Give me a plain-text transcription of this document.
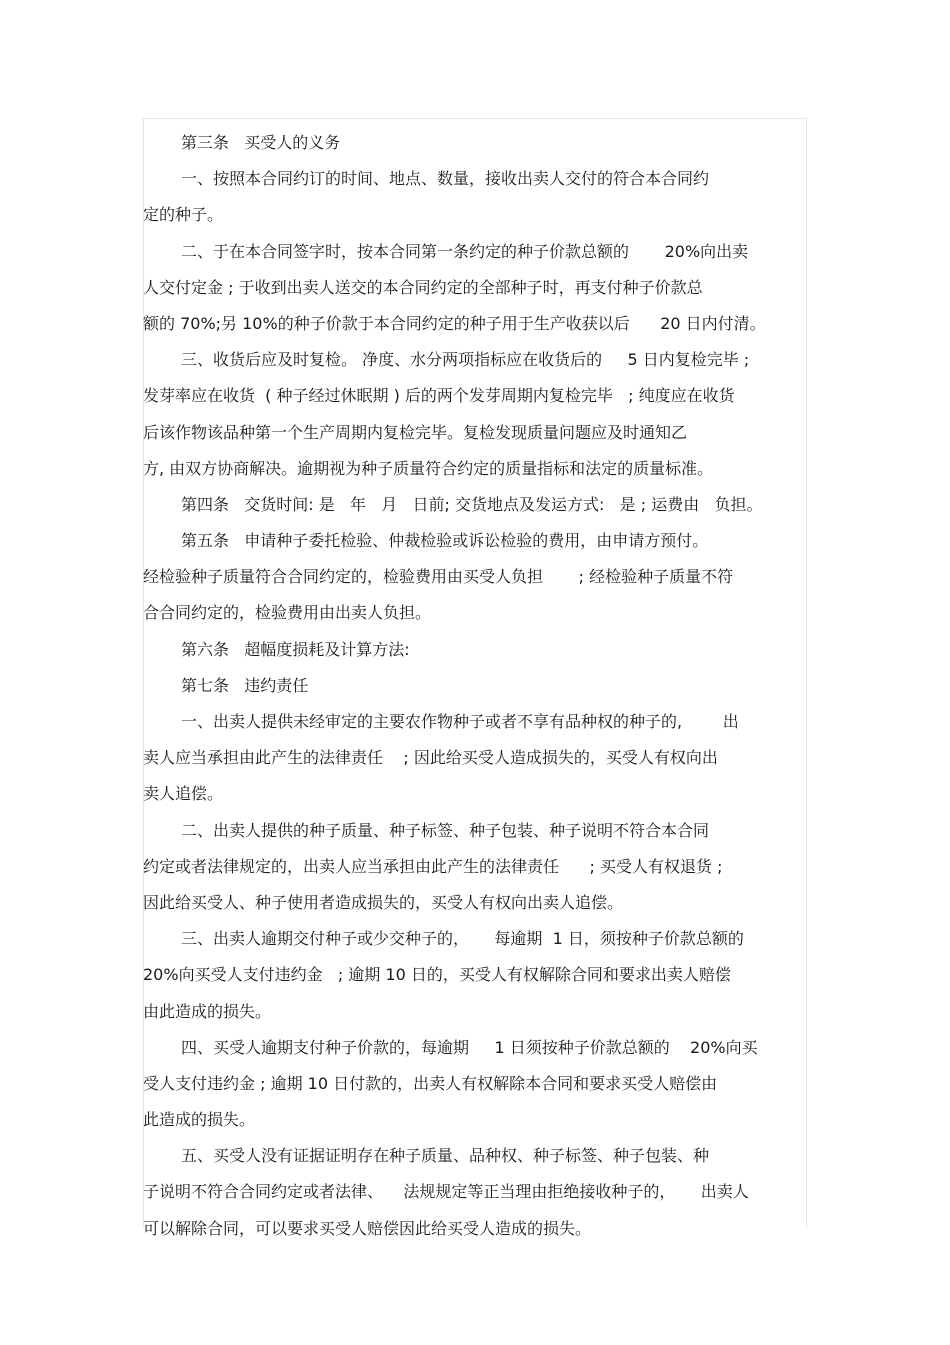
第三条   买受人的义务
一、按照本合同约订的时间、地点、数量，接收出卖人交付的符合本合同约
定的种子。
二、于在本合同签字时，按本合同第一条约定的种子价款总额的       20%向出卖
人交付定金 ; 于收到出卖人送交的本合同约定的全部种子时，再支付种子价款总
额的 70%;另 10%的种子价款于本合同约定的种子用于生产收获以后      20 日内付清。
三、收货后应及时复检。 净度、水分两项指标应在收货后的     5 日内复检完毕 ;
发芽率应在收货  ( 种子经过休眠期 ) 后的两个发芽周期内复检完毕   ; 纯度应在收货
后该作物该品种第一个生产周期内复检完毕。复检发现质量问题应及时通知乙
方, 由双方协商解决。逾期视为种子质量符合约定的质量指标和法定的质量标准。
第四条   交货时间: 是   年   月   日前; 交货地点及发运方式:   是 ; 运费由   负担。
第五条   申请种子委托检验、仲裁检验或诉讼检验的费用，由申请方预付。
经检验种子质量符合合同约定的，检验费用由买受人负担       ; 经检验种子质量不符
合合同约定的，检验费用由出卖人负担。
第六条   超幅度损耗及计算方法:
第七条   违约责任
一、出卖人提供未经审定的主要农作物种子或者不享有品种权的种子的,        出
卖人应当承担由此产生的法律责任    ; 因此给买受人造成损失的，买受人有权向出
卖人追偿。
二、出卖人提供的种子质量、种子标签、种子包装、种子说明不符合本合同
约定或者法律规定的，出卖人应当承担由此产生的法律责任      ; 买受人有权退货 ;
因此给买受人、种子使用者造成损失的，买受人有权向出卖人追偿。
三、出卖人逾期交付种子或少交种子的，     每逾期  1 日，须按种子价款总额的
20%向买受人支付违约金   ; 逾期 10 日的，买受人有权解除合同和要求出卖人赔偿
由此造成的损失。
四、买受人逾期支付种子价款的，每逾期     1 日须按种子价款总额的    20%向买
受人支付违约金 ; 逾期 10 日付款的，出卖人有权解除本合同和要求买受人赔偿由
此造成的损失。
五、买受人没有证据证明存在种子质量、品种权、种子标签、种子包装、种
子说明不符合合同约定或者法律、    法规规定等正当理由拒绝接收种子的，     出卖人
可以解除合同，可以要求买受人赔偿因此给买受人造成的损失。
